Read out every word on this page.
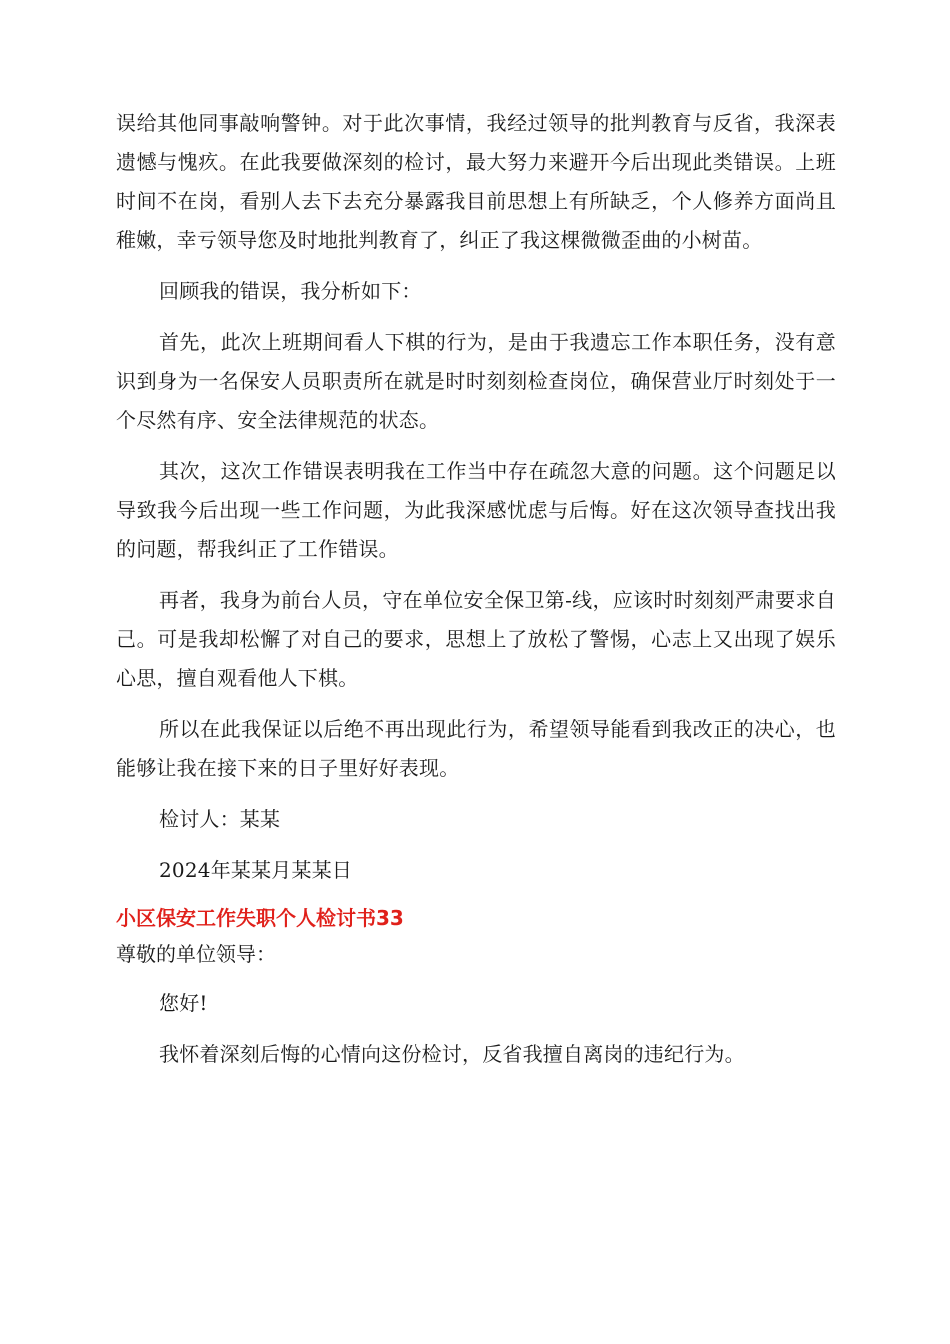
误给其他同事敲响警钟。对于此次事情，我经过领导的批判教育与反省，我深表遗憾与愧疚。在此我要做深刻的检讨，最大努力来避开今后出现此类错误。上班时间不在岗，看别人去下去充分暴露我目前思想上有所缺乏，个人修养方面尚且稚嫩，幸亏领导您及时地批判教育了，纠正了我这棵微微歪曲的小树苗。

回顾我的错误，我分析如下：

首先，此次上班期间看人下棋的行为，是由于我遗忘工作本职任务，没有意识到身为一名保安人员职责所在就是时时刻刻检查岗位，确保营业厅时刻处于一个尽然有序、安全法律规范的状态。

其次，这次工作错误表明我在工作当中存在疏忽大意的问题。这个问题足以导致我今后出现一些工作问题，为此我深感忧虑与后悔。好在这次领导查找出我的问题，帮我纠正了工作错误。

再者，我身为前台人员，守在单位安全保卫第-线，应该时时刻刻严肃要求自己。可是我却松懈了对自己的要求，思想上了放松了警惕，心志上又出现了娱乐心思，擅自观看他人下棋。

所以在此我保证以后绝不再出现此行为，希望领导能看到我改正的决心，也能够让我在接下来的日子里好好表现。

检讨人：某某

2024年某某月某某日

小区保安工作失职个人检讨书33

尊敬的单位领导：

您好!

我怀着深刻后悔的心情向这份检讨，反省我擅自离岗的违纪行为。
